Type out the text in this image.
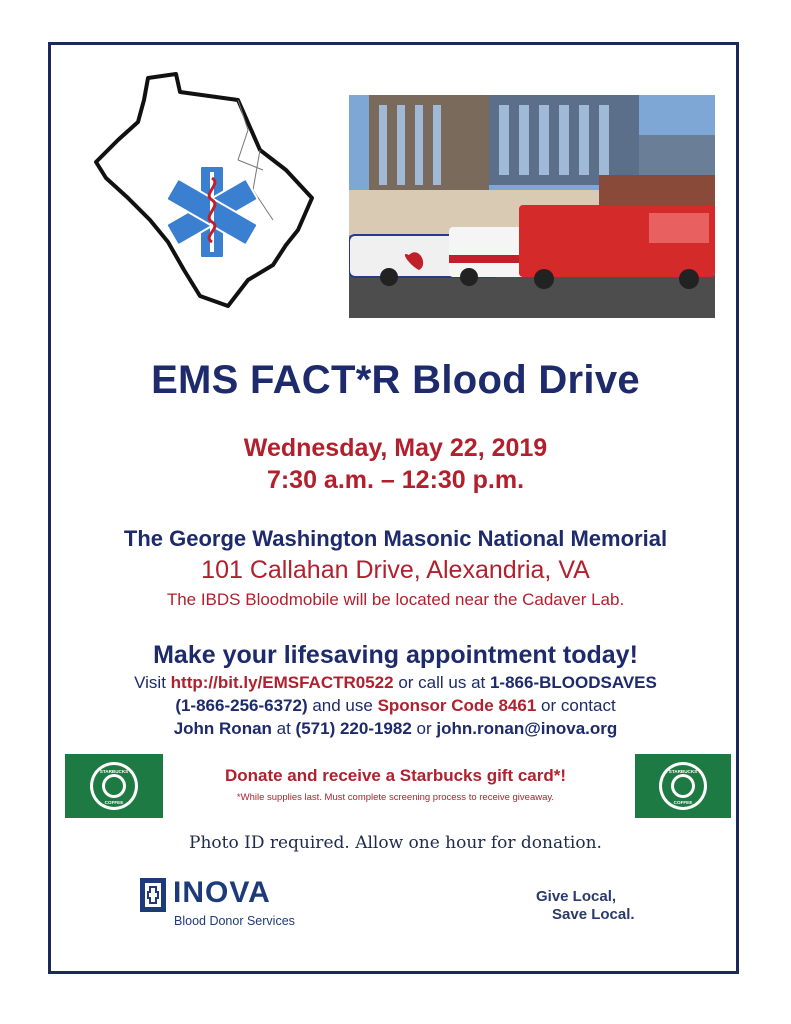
EMS FACT*R Blood Drive
Wednesday, May 22, 2019
7:30 a.m. – 12:30 p.m.
The George Washington Masonic National Memorial
101 Callahan Drive, Alexandria, VA
The IBDS Bloodmobile will be located near the Cadaver Lab.
Make your lifesaving appointment today!
Visit http://bit.ly/EMSFACTR0522 or call us at 1-866-BLOODSAVES
(1-866-256-6372) and use Sponsor Code 8461 or contact
John Ronan at (571) 220-1982 or john.ronan@inova.org
STARBUCKS
COFFEE
STARBUCKS
COFFEE
Donate and receive a Starbucks gift card*!
*While supplies last. Must complete screening process to receive giveaway.
Photo ID required. Allow one hour for donation.
INOVA
Blood Donor Services
Give Local,
Save Local.
